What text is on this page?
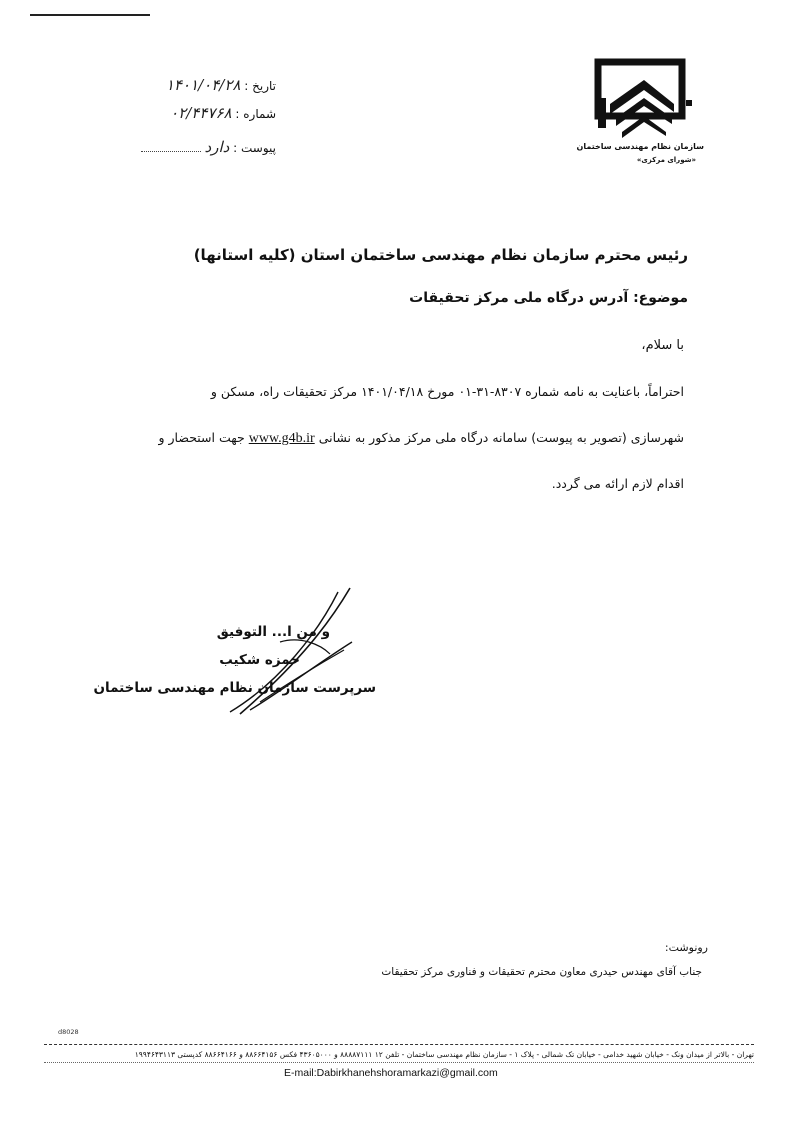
سازمان نظام مهندسی ساختمان
«شورای مرکزی»
تاریخ : ۱۴۰۱/۰۴/۲۸
شماره : ۰۲/۴۴۷۶۸
پیوست : دارد
رئیس محترم سازمان نظام مهندسی ساختمان استان (کلیه استانها)
موضوع: آدرس درگاه ملی مرکز تحقیقات
با سلام،
احتراماً، باعنایت به نامه شماره ۸۳۰۷-۳۱-۰۱ مورخ ۱۴۰۱/۰۴/۱۸ مرکز تحقیقات راه، مسکن و
شهرسازی (تصویر به پیوست) سامانه درگاه ملی مرکز مذکور به نشانی www.g4b.ir جهت استحضار و
اقدام لازم ارائه می گردد.
و من ا... التوفیق
حمزه شکیب
سرپرست سازمان نظام مهندسی ساختمان
رونوشت:
جناب آقای مهندس حیدری معاون محترم تحقیقات و فناوری مرکز تحقیقات
d8028
تهران - بالاتر از میدان ونک - خیابان شهید خدامی - خیابان تک شمالی - پلاک ۱ - سازمان نظام مهندسی ساختمان - تلفن ۱۲ ۸۸۸۸۷۱۱۱ و ۴۳۶۰۵۰۰۰ فکس ۸۸۶۶۴۱۵۶ و ۸۸۶۶۴۱۶۶ کدپستی ۱۹۹۴۶۴۳۱۱۳
E-mail:Dabirkhanehshoramarkazi@gmail.com
